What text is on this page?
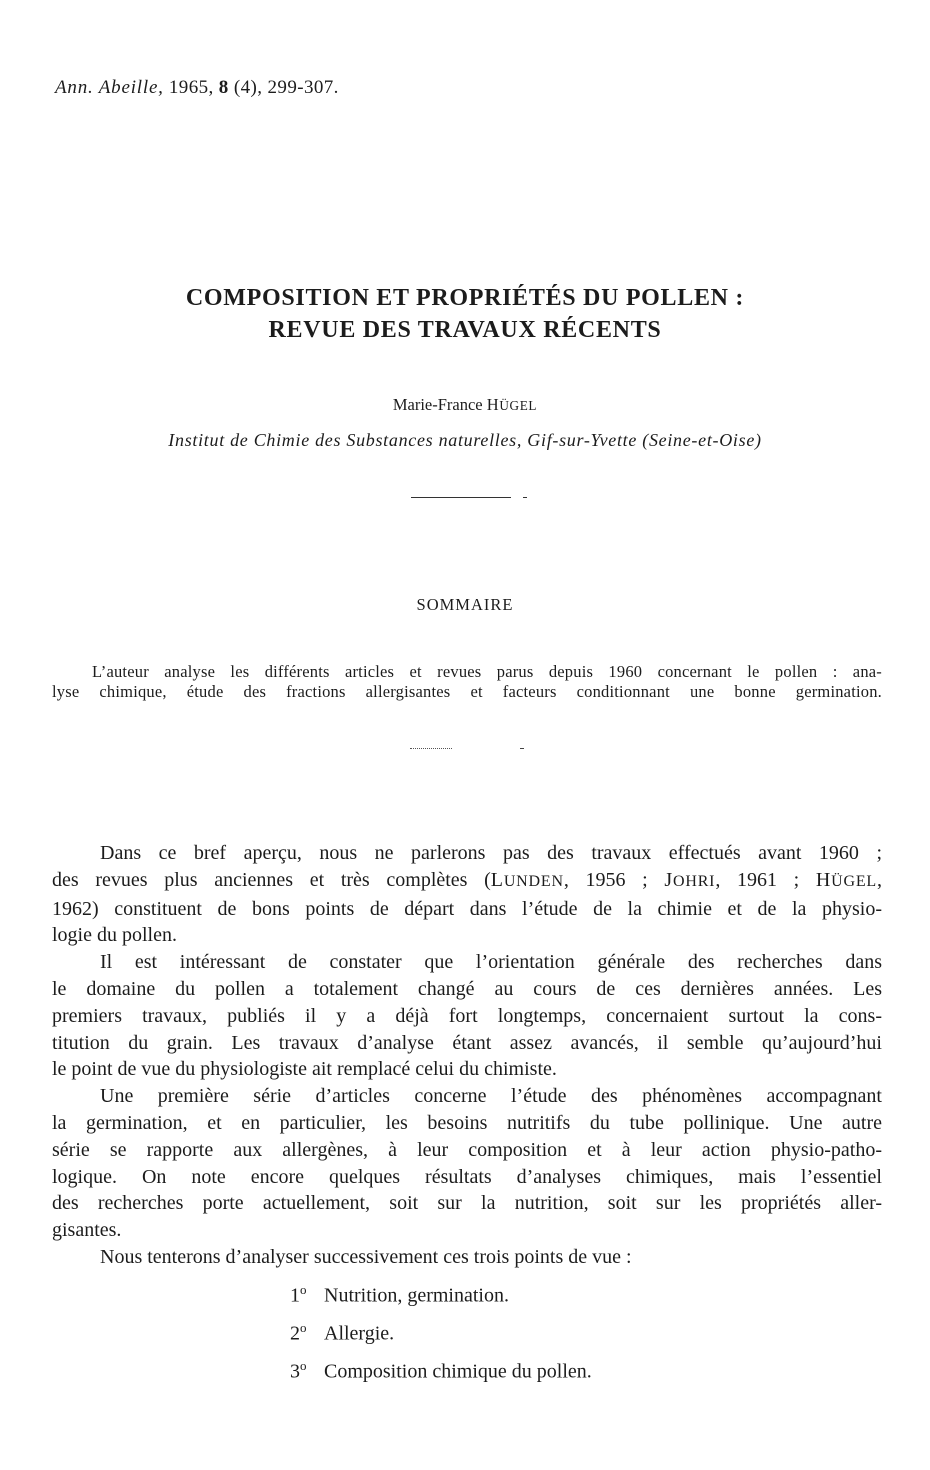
Ann. Abeille, 1965, 8 (4), 299-307.
COMPOSITION ET PROPRIÉTÉS DU POLLEN :
REVUE DES TRAVAUX RÉCENTS
Marie-France HÜGEL
Institut de Chimie des Substances naturelles, Gif-sur-Yvette (Seine-et-Oise)
SOMMAIRE
L’auteur analyse les différents articles et revues parus depuis 1960 concernant le pollen : ana-
lyse chimique, étude des fractions allergisantes et facteurs conditionnant une bonne germination.
Dans ce bref aperçu, nous ne parlerons pas des travaux effectués avant 1960 ;
des revues plus anciennes et très complètes (LUNDEN, 1956 ; JOHRI, 1961 ; HÜGEL,
1962) constituent de bons points de départ dans l’étude de la chimie et de la physio-
logie du pollen.
Il est intéressant de constater que l’orientation générale des recherches dans
le domaine du pollen a totalement changé au cours de ces dernières années. Les
premiers travaux, publiés il y a déjà fort longtemps, concernaient surtout la cons-
titution du grain. Les travaux d’analyse étant assez avancés, il semble qu’aujourd’hui
le point de vue du physiologiste ait remplacé celui du chimiste.
Une première série d’articles concerne l’étude des phénomènes accompagnant
la germination, et en particulier, les besoins nutritifs du tube pollinique. Une autre
série se rapporte aux allergènes, à leur composition et à leur action physio-patho-
logique. On note encore quelques résultats d’analyses chimiques, mais l’essentiel
des recherches porte actuellement, soit sur la nutrition, soit sur les propriétés aller-
gisantes.
Nous tenterons d’analyser successivement ces trois points de vue :
1$^o$ Nutrition, germination.
2$^o$ Allergie.
3$^o$ Composition chimique du pollen.
